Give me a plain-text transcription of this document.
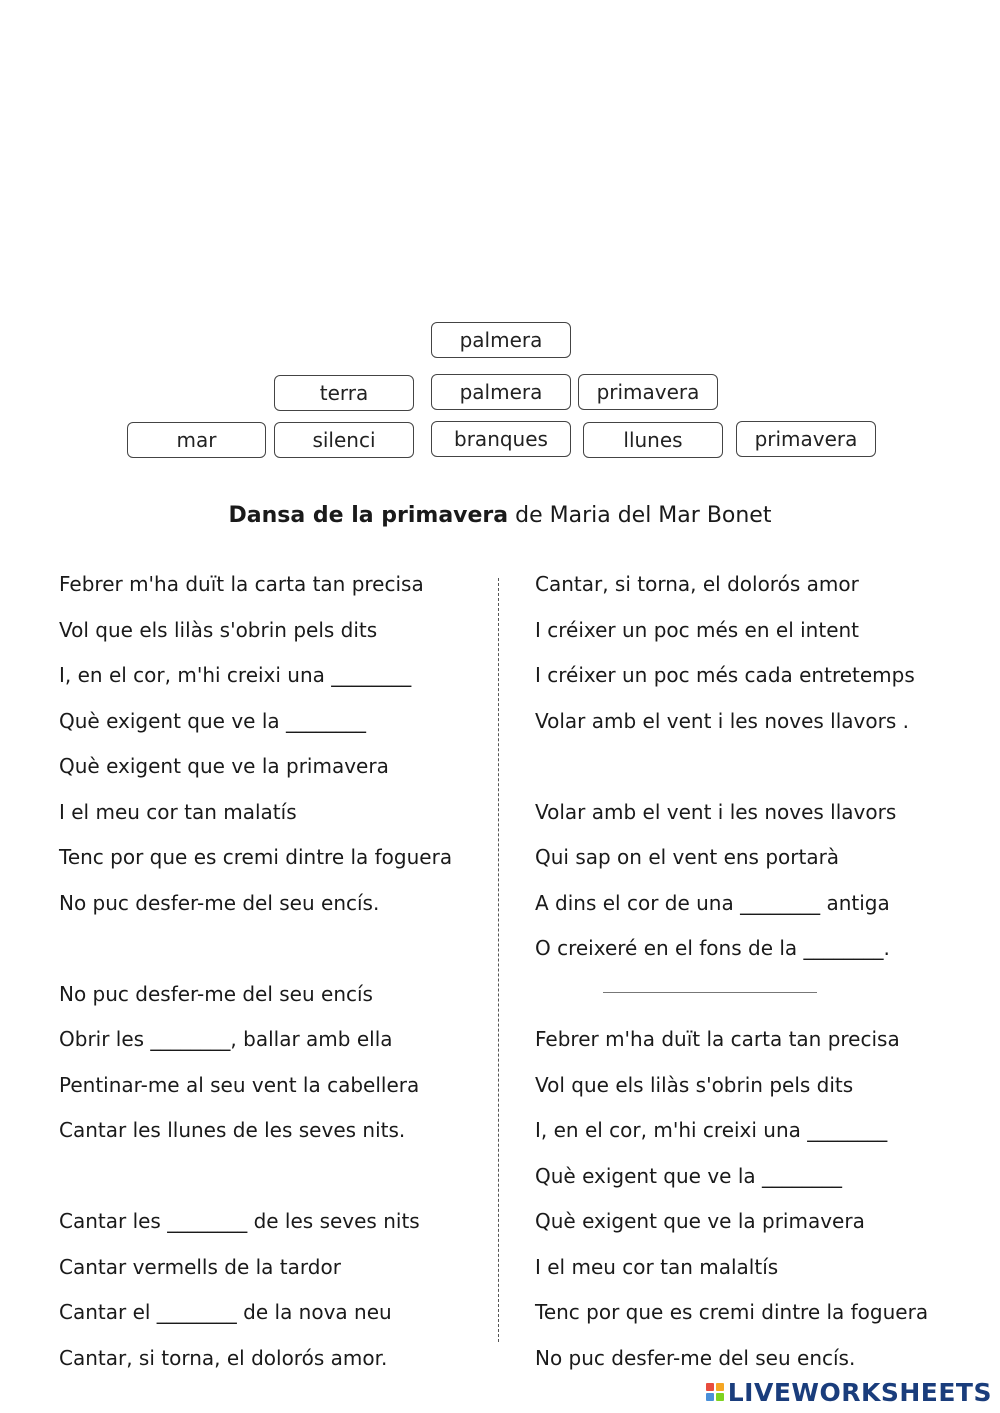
palmera
terra	palmera	primavera
mar	silenci	branques	llunes	primavera
Dansa de la primavera de Maria del Mar Bonet
Febrer m'ha duït la carta tan precisa
Vol que els lilàs s'obrin pels dits
I, en el cor, m'hi creixi una ________
Què exigent que ve la ________
Què exigent que ve la primavera
I el meu cor tan malatís
Tenc por que es cremi dintre la foguera
No puc desfer-me del seu encís.
No puc desfer-me del seu encís
Obrir les ________, ballar amb ella
Pentinar-me al seu vent la cabellera
Cantar les llunes de les seves nits.
Cantar les ________ de les seves nits
Cantar vermells de la tardor
Cantar el ________ de la nova neu
Cantar, si torna, el dolorós amor.
Cantar, si torna, el dolorós amor
I créixer un poc més en el intent
I créixer un poc més cada entretemps
Volar amb el vent i les noves llavors .
Volar amb el vent i les noves llavors
Qui sap on el vent ens portarà
A dins el cor de una ________ antiga
O creixeré en el fons de la ________.
Febrer m'ha duït la carta tan precisa
Vol que els lilàs s'obrin pels dits
I, en el cor, m'hi creixi una ________
Què exigent que ve la ________
Què exigent que ve la primavera
I el meu cor tan malaltís
Tenc por que es cremi dintre la foguera
No puc desfer-me del seu encís.
LIVEWORKSHEETS
